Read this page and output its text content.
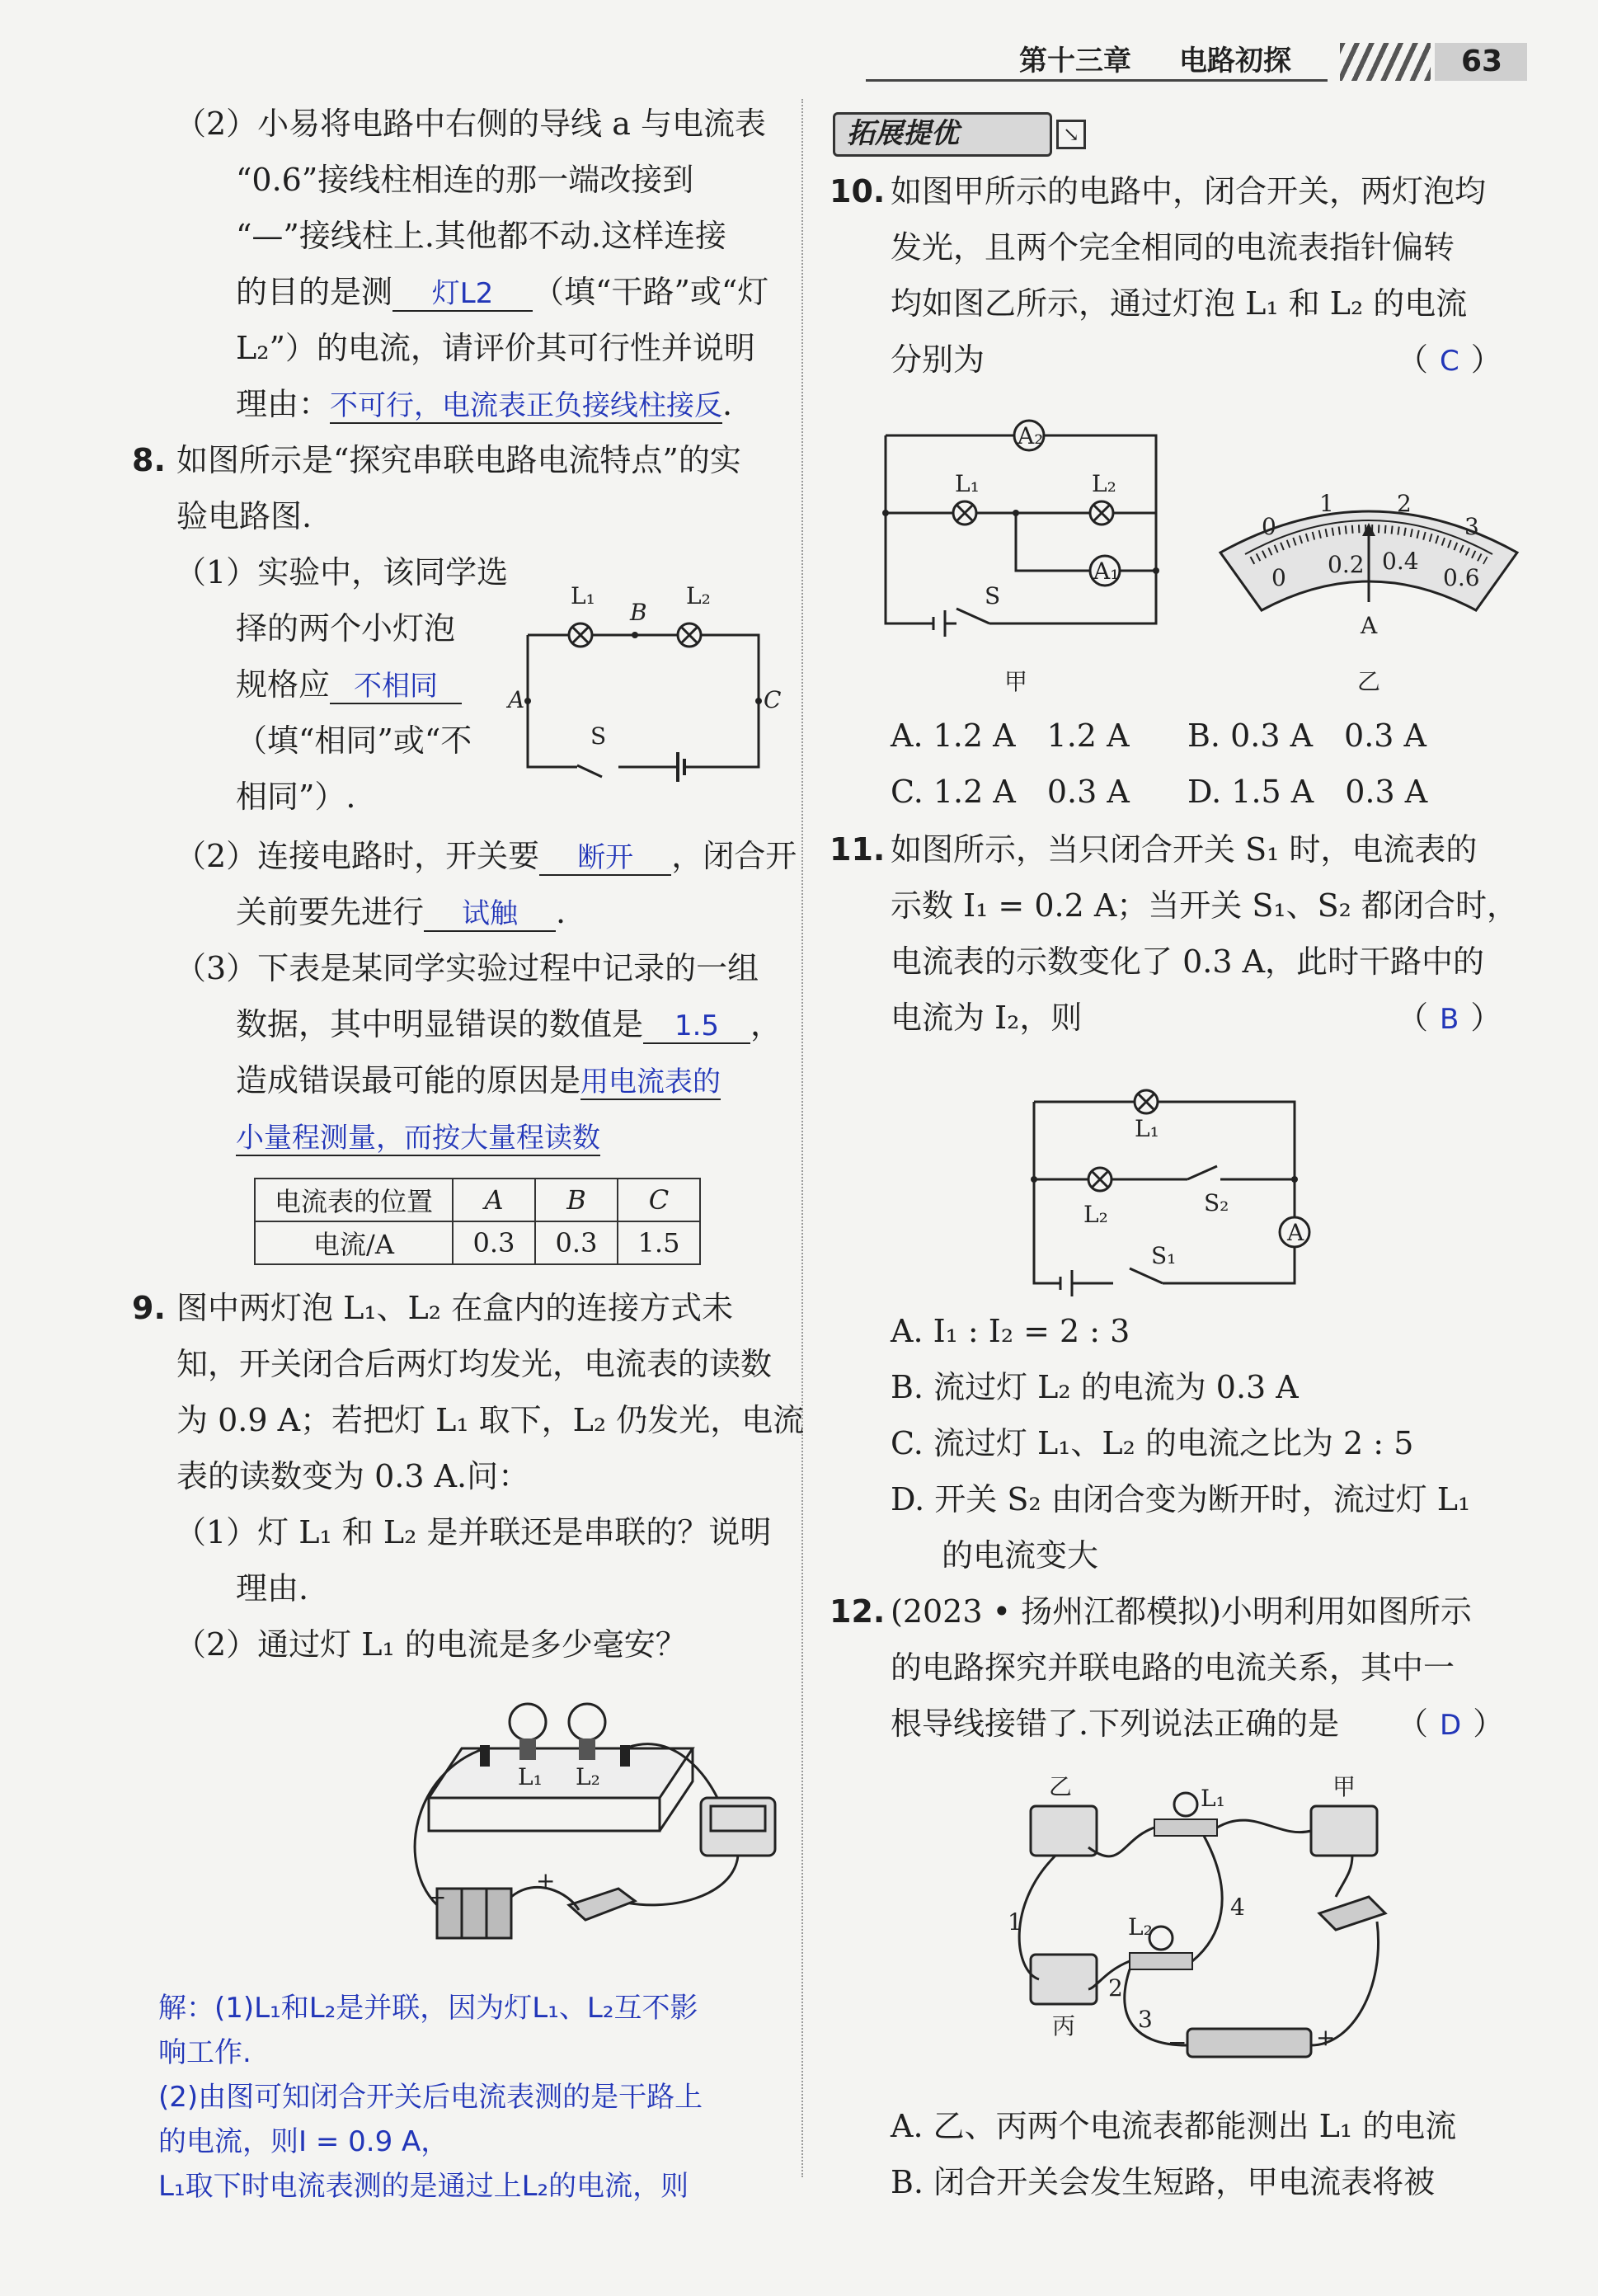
第十三章 电路初探	63
（2）小易将电路中右侧的导线 a 与电流表
“0.6”接线柱相连的那一端改接到
“—”接线柱上.其他都不动.这样连接
的目的是测 灯L2 （填“干路”或“灯
L₂”）的电流，请评价其可行性并说明
理由：不可行，电流表正负接线柱接反.
8. 如图所示是“探究串联电路电流特点”的实
验电路图.
（1）实验中，该同学选
择的两个小灯泡
规格应 不相同
（填“相同”或“不
相同”）.
L₁	L₂
B
A	C
S
（2）连接电路时，开关要 断开 ，闭合开
关前要先进行 试触 .
（3）下表是某同学实验过程中记录的一组
数据，其中明显错误的数值是 1.5 ，
造成错误最可能的原因是用电流表的
小量程测量，而按大量程读数
电流表的位置	A	B	C
电流/A	0.3	0.3	1.5
9. 图中两灯泡 L₁、L₂ 在盒内的连接方式未
知，开关闭合后两灯均发光，电流表的读数
为 0.9 A；若把灯 L₁ 取下，L₂ 仍发光，电流
表的读数变为 0.3 A.问：
（1）灯 L₁ 和 L₂ 是并联还是串联的？说明
理由.
（2）通过灯 L₁ 的电流是多少毫安？
L₁ L₂
−
+
解：(1)L₁和L₂是并联，因为灯L₁、L₂互不影
响工作.
(2)由图可知闭合开关后电流表测的是干路上
的电流，则I = 0.9 A，
L₁取下时电流表测的是通过上L₂的电流，则
拓展提优	↘
10. 如图甲所示的电路中，闭合开关，两灯泡均
发光，且两个完全相同的电流表指针偏转
均如图乙所示，通过灯泡 L₁ 和 L₂ 的电流
分别为	（ C ）
A₂
A₁
L₁	L₂
S
甲
0
1	2
3
0 0.2 0.4
0.6
A
乙
A. 1.2 A　1.2 A B. 0.3 A　0.3 A
C. 1.2 A　0.3 A D. 1.5 A　0.3 A
11. 如图所示，当只闭合开关 S₁ 时，电流表的
示数 I₁ = 0.2 A；当开关 S₁、S₂ 都闭合时，
电流表的示数变化了 0.3 A，此时干路中的
电流为 I₂，则	（ B ）
L₁
L₂	S₂
S₁
A
A. I₁ : I₂ = 2 : 3
B. 流过灯 L₂ 的电流为 0.3 A
C. 流过灯 L₁、L₂ 的电流之比为 2 : 5
D. 开关 S₂ 由闭合变为断开时，流过灯 L₁
的电流变大
12. (2023 • 扬州江都模拟)小明利用如图所示
的电路探究并联电路的电流关系，其中一
根导线接错了.下列说法正确的是 （ D ）
乙	甲
丙
L₁
L₂
1
2
3
4
−	+
A. 乙、丙两个电流表都能测出 L₁ 的电流
B. 闭合开关会发生短路，甲电流表将被
